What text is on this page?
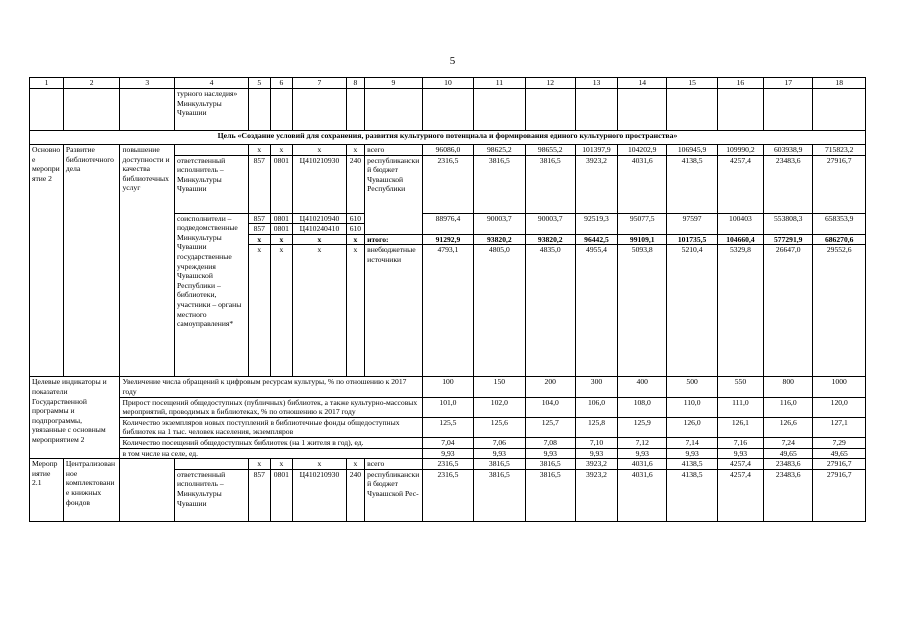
5
1	2	3	4	5	6	7	8	9	10	11	12	13	14	15	16	17	18
			турного наследия» Минкультуры Чувашии														
Цель «Создание условий для сохранения, развития культурного потенциала и формирования единого культурного пространства»																	
Основное мероприятие 2	Развитие библиотечного дела	повышение доступности и качества библиотечных услуг		x	x	x	x	всего	96086,0	98625,2	98655,2	101397,9	104202,9	106945,9	109990,2	603938,9	715823,2
			ответственный исполнитель – Минкультуры Чувашии	857	0801	Ц410210930	240	республиканский бюджет Чувашской Республики	2316,5	3816,5	3816,5	3923,2	4031,6	4138,5	4257,4	23483,6	27916,7
			соисполнители – подведомственные Минкультуры Чувашии государственные учреждения Чувашской Республики – библиотеки, участники – органы местного самоуправления*	857	0801	Ц410210940	610		88976,4	90003,7	90003,7	92519,3	95077,5	97597	100403	553808,3	658353,9
				857	0801	Ц410240410	610										
				x	x	x	x	итого:	91292,9	93820,2	93820,2	96442,5	99109,1	101735,5	104660,4	577291,9	686270,6
				x	x	x	x	внебюджетные источники	4793,1	4805,0	4835,0	4955,4	5093,8	5210,4	5329,8	26647,0	29552,6
Целевые индикаторы и показатели Государственной программы и подпрограммы, увязанные с основным мероприятием 2		Увеличение числа обращений к цифровым ресурсам культуры, % по отношению к 2017 году							100	150	200	300	400	500	550	800	1000
		Прирост посещений общедоступных (публичных) библиотек, а также культурно-массовых мероприятий, проводимых в библиотеках, % по отношению к 2017 году							101,0	102,0	104,0	106,0	108,0	110,0	111,0	116,0	120,0
		Количество экземпляров новых поступлений в библиотечные фонды общедоступных библиотек на 1 тыс. человек населения, экземпляров							125,5	125,6	125,7	125,8	125,9	126,0	126,1	126,6	127,1
		Количество посещений общедоступных библиотек (на 1 жителя в год), ед.							7,04	7,06	7,08	7,10	7,12	7,14	7,16	7,24	7,29
		в том числе на селе, ед.							9,93	9,93	9,93	9,93	9,93	9,93	9,93	49,65	49,65
Мероприятие 2.1	Централизованное комплектование книжных фондов			x	x	x	x	всего	2316,5	3816,5	3816,5	3923,2	4031,6	4138,5	4257,4	23483,6	27916,7
			ответственный исполнитель – Минкультуры Чувашии	857	0801	Ц410210930	240	республиканский бюджет Чувашской Рес-	2316,5	3816,5	3816,5	3923,2	4031,6	4138,5	4257,4	23483,6	27916,7
